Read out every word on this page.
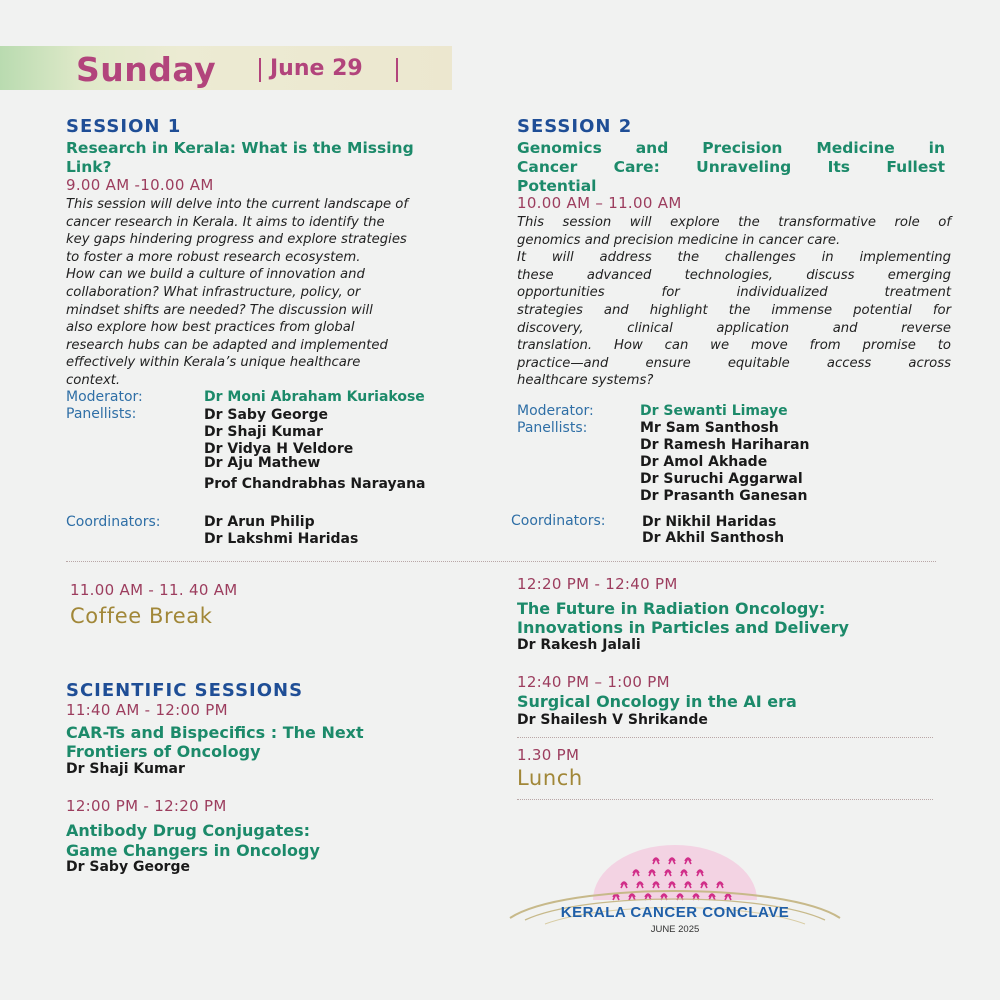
Sunday June 29
SESSION 1
Research in Kerala: What is the Missing
Link?
9.00 AM -10.00 AM
This session will delve into the current landscape of
cancer research in Kerala. It aims to identify the
key gaps hindering progress and explore strategies
to foster a more robust research ecosystem.
How can we build a culture of innovation and
collaboration? What infrastructure, policy, or
mindset shifts are needed? The discussion will
also explore how best practices from global
research hubs can be adapted and implemented
effectively within Kerala’s unique healthcare
context.
Moderator:	Dr Moni Abraham Kuriakose
Panellists:	Dr Saby George
Dr Shaji Kumar
Dr Vidya H Veldore
Dr Aju Mathew
Prof Chandrabhas Narayana
Coordinators:	Dr Arun Philip
Dr Lakshmi Haridas
SESSION 2
Genomics and Precision Medicine in
Cancer Care: Unraveling Its Fullest
Potential
10.00 AM – 11.00 AM
This session will explore the transformative role of
genomics and precision medicine in cancer care.
It will address the challenges in implementing
these advanced technologies, discuss emerging
opportunities for individualized treatment
strategies and highlight the immense potential for
discovery, clinical application and reverse
translation. How can we move from promise to
practice—and ensure equitable access across
healthcare systems?
Moderator:	Dr Sewanti Limaye
Panellists:	Mr Sam Santhosh
Dr Ramesh Hariharan
Dr Amol Akhade
Dr Suruchi Aggarwal
Dr Prasanth Ganesan
Coordinators:	Dr Nikhil Haridas
Dr Akhil Santhosh
11.00 AM - 11. 40 AM
Coffee Break
SCIENTIFIC SESSIONS
11:40 AM - 12:00 PM
CAR-Ts and Bispecifics : The Next
Frontiers of Oncology
Dr Shaji Kumar
12:00 PM - 12:20 PM
Antibody Drug Conjugates:
Game Changers in Oncology
Dr Saby George
12:20 PM - 12:40 PM
The Future in Radiation Oncology:
Innovations in Particles and Delivery
Dr Rakesh Jalali
12:40 PM – 1:00 PM
Surgical Oncology in the AI era
Dr Shailesh V Shrikande
1.30 PM
Lunch
KERALA CANCER CONCLAVE
JUNE 2025
